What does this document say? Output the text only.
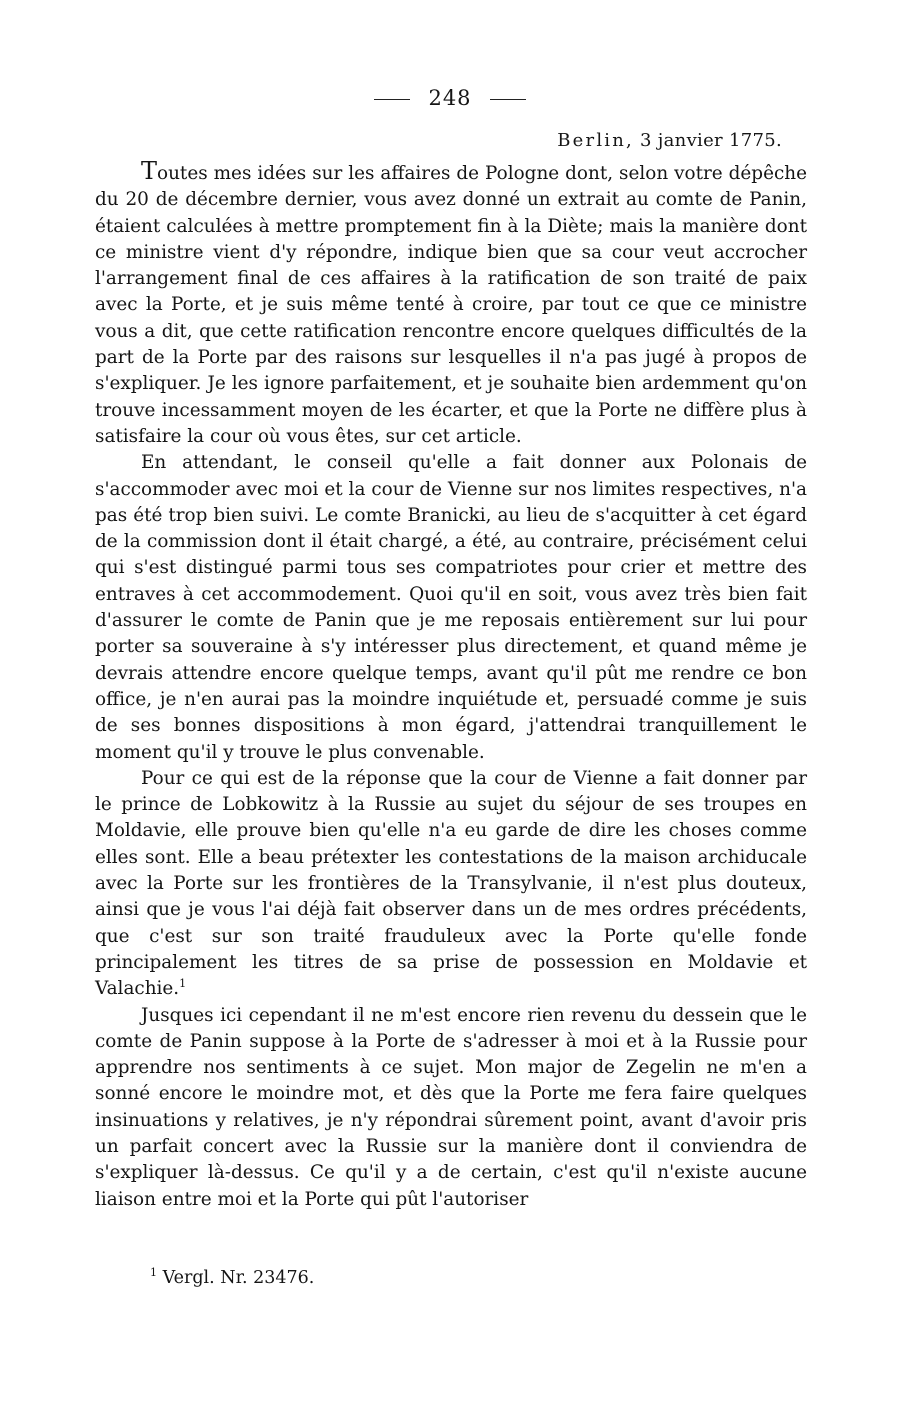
248
Berlin, 3 janvier 1775.

Toutes mes idées sur les affaires de Pologne dont, selon votre dépêche du 20 de décembre dernier, vous avez donné un extrait au comte de Panin, étaient calculées à mettre promptement fin à la Diète; mais la manière dont ce ministre vient d'y répondre, indique bien que sa cour veut accrocher l'arrangement final de ces affaires à la ratification de son traité de paix avec la Porte, et je suis même tenté à croire, par tout ce que ce ministre vous a dit, que cette ratification rencontre encore quelques difficultés de la part de la Porte par des raisons sur lesquelles il n'a pas jugé à propos de s'expliquer. Je les ignore parfaitement, et je souhaite bien ardemment qu'on trouve incessamment moyen de les écarter, et que la Porte ne diffère plus à satisfaire la cour où vous êtes, sur cet article.

En attendant, le conseil qu'elle a fait donner aux Polonais de s'accommoder avec moi et la cour de Vienne sur nos limites respectives, n'a pas été trop bien suivi. Le comte Branicki, au lieu de s'acquitter à cet égard de la commission dont il était chargé, a été, au contraire, précisément celui qui s'est distingué parmi tous ses compatriotes pour crier et mettre des entraves à cet accommodement. Quoi qu'il en soit, vous avez très bien fait d'assurer le comte de Panin que je me reposais entièrement sur lui pour porter sa souveraine à s'y intéresser plus directement, et quand même je devrais attendre encore quelque temps, avant qu'il pût me rendre ce bon office, je n'en aurai pas la moindre inquiétude et, persuadé comme je suis de ses bonnes dispositions à mon égard, j'attendrai tranquillement le moment qu'il y trouve le plus convenable.

Pour ce qui est de la réponse que la cour de Vienne a fait donner par le prince de Lobkowitz à la Russie au sujet du séjour de ses troupes en Moldavie, elle prouve bien qu'elle n'a eu garde de dire les choses comme elles sont. Elle a beau prétexter les contestations de la maison archiducale avec la Porte sur les frontières de la Transylvanie, il n'est plus douteux, ainsi que je vous l'ai déjà fait observer dans un de mes ordres précédents, que c'est sur son traité frauduleux avec la Porte qu'elle fonde principalement les titres de sa prise de possession en Moldavie et Valachie.$^1$

Jusques ici cependant il ne m'est encore rien revenu du dessein que le comte de Panin suppose à la Porte de s'adresser à moi et à la Russie pour apprendre nos sentiments à ce sujet. Mon major de Zegelin ne m'en a sonné encore le moindre mot, et dès que la Porte me fera faire quelques insinuations y relatives, je n'y répondrai sûrement point, avant d'avoir pris un parfait concert avec la Russie sur la manière dont il conviendra de s'expliquer là-dessus. Ce qu'il y a de certain, c'est qu'il n'existe aucune liaison entre moi et la Porte qui pût l'autoriser

$^1$ Vergl. Nr. 23476.
